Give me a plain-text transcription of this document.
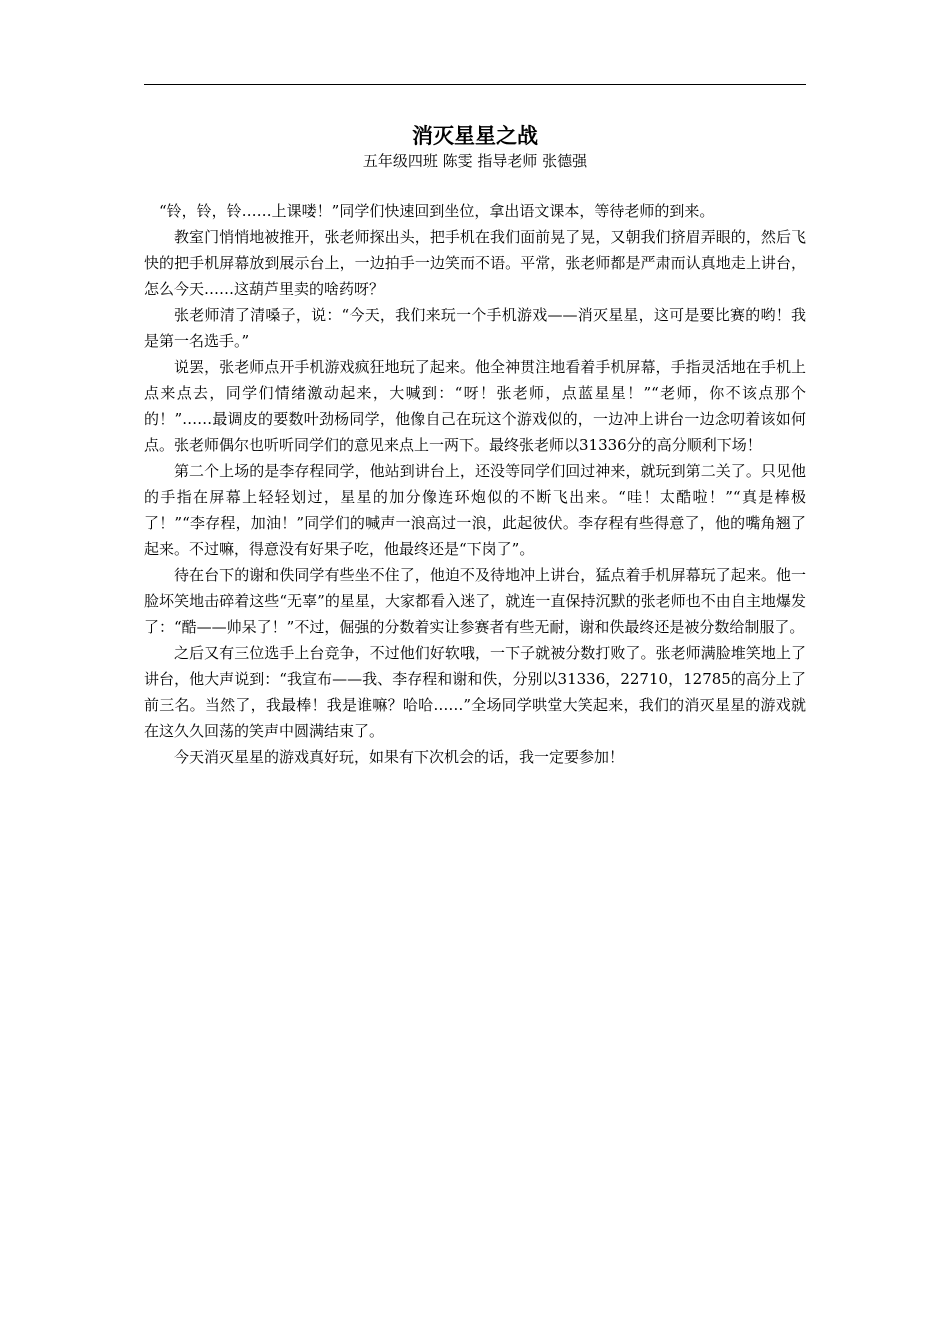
消灭星星之战
五年级四班 陈雯 指导老师 张德强

“铃，铃，铃……上课喽！”同学们快速回到坐位，拿出语文课本，等待老师的到来。

教室门悄悄地被推开，张老师探出头，把手机在我们面前晃了晃，又朝我们挤眉弄眼的，然后飞快的把手机屏幕放到展示台上，一边拍手一边笑而不语。平常，张老师都是严肃而认真地走上讲台，怎么今天……这葫芦里卖的啥药呀？

张老师清了清嗓子，说：“今天，我们来玩一个手机游戏——消灭星星，这可是要比赛的哟！我是第一名选手。”

说罢，张老师点开手机游戏疯狂地玩了起来。他全神贯注地看着手机屏幕，手指灵活地在手机上点来点去，同学们情绪激动起来，大喊到：“呀！张老师，点蓝星星！”“老师，你不该点那个的！”……最调皮的要数叶劲杨同学，他像自己在玩这个游戏似的，一边冲上讲台一边念叨着该如何点。张老师偶尔也听听同学们的意见来点上一两下。最终张老师以31336分的高分顺利下场！

第二个上场的是李存程同学，他站到讲台上，还没等同学们回过神来，就玩到第二关了。只见他的手指在屏幕上轻轻划过，星星的加分像连环炮似的不断飞出来。“哇！太酷啦！”“真是棒极了！”“李存程，加油！”同学们的喊声一浪高过一浪，此起彼伏。李存程有些得意了，他的嘴角翘了起来。不过嘛，得意没有好果子吃，他最终还是“下岗了”。

待在台下的谢和佚同学有些坐不住了，他迫不及待地冲上讲台，猛点着手机屏幕玩了起来。他一脸坏笑地击碎着这些“无辜”的星星，大家都看入迷了，就连一直保持沉默的张老师也不由自主地爆发了：“酷——帅呆了！”不过，倔强的分数着实让参赛者有些无耐，谢和佚最终还是被分数给制服了。

之后又有三位选手上台竞争，不过他们好软哦，一下子就被分数打败了。张老师满脸堆笑地上了讲台，他大声说到：“我宣布——我、李存程和谢和佚，分别以31336，22710，12785的高分上了前三名。当然了，我最棒！我是谁嘛？哈哈……”全场同学哄堂大笑起来，我们的消灭星星的游戏就在这久久回荡的笑声中圆满结束了。

今天消灭星星的游戏真好玩，如果有下次机会的话，我一定要参加！
